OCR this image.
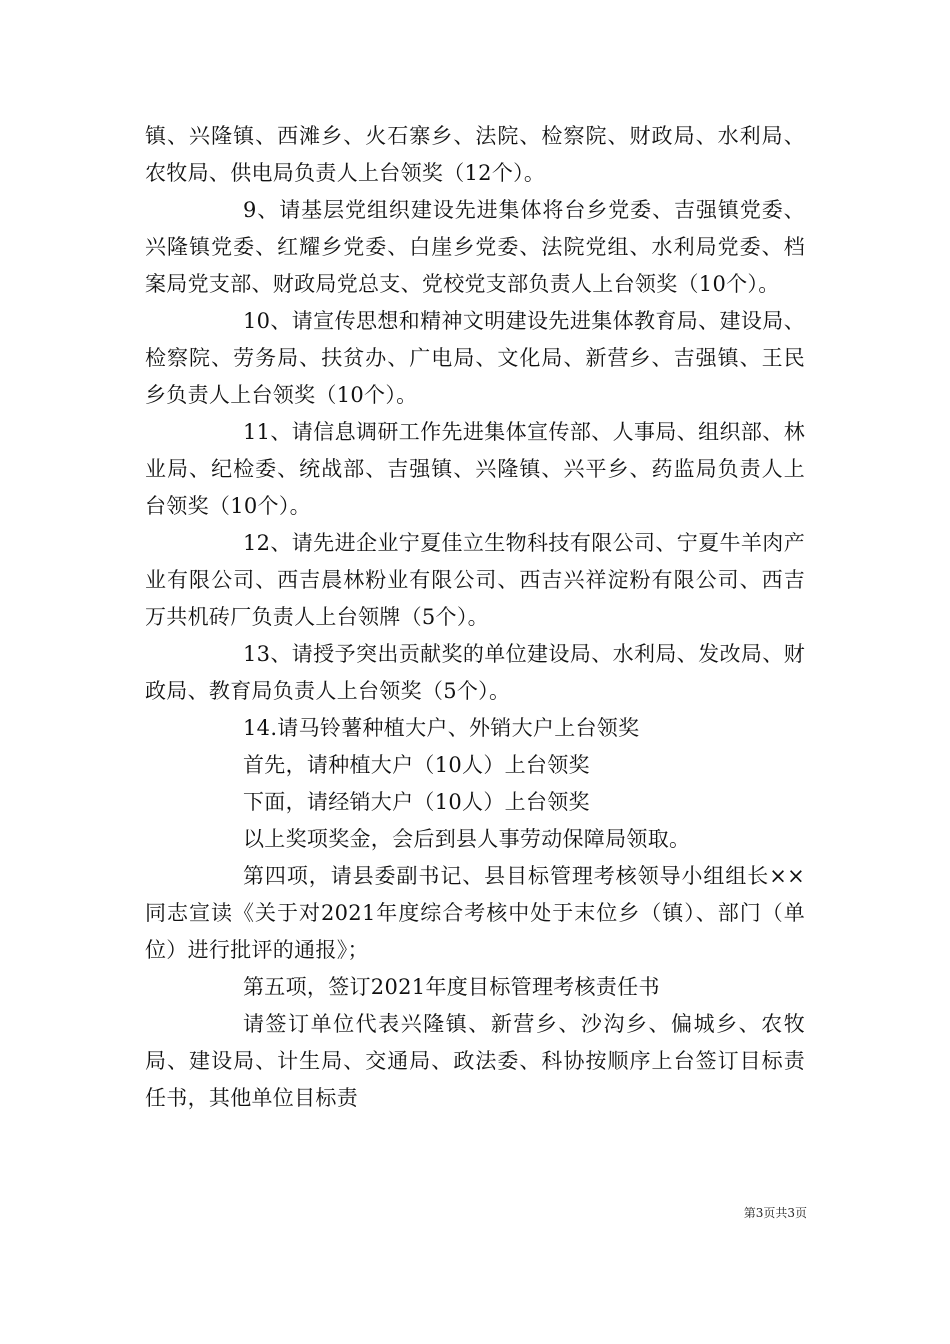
镇、兴隆镇、西滩乡、火石寨乡、法院、检察院、财政局、水利局、农牧局、供电局负责人上台领奖（12个）。

9、请基层党组织建设先进集体将台乡党委、吉强镇党委、兴隆镇党委、红耀乡党委、白崖乡党委、法院党组、水利局党委、档案局党支部、财政局党总支、党校党支部负责人上台领奖（10个）。

10、请宣传思想和精神文明建设先进集体教育局、建设局、检察院、劳务局、扶贫办、广电局、文化局、新营乡、吉强镇、王民乡负责人上台领奖（10个）。

11、请信息调研工作先进集体宣传部、人事局、组织部、林业局、纪检委、统战部、吉强镇、兴隆镇、兴平乡、药监局负责人上台领奖（10个）。

12、请先进企业宁夏佳立生物科技有限公司、宁夏牛羊肉产业有限公司、西吉晨林粉业有限公司、西吉兴祥淀粉有限公司、西吉万共机砖厂负责人上台领牌（5个）。

13、请授予突出贡献奖的单位建设局、水利局、发改局、财政局、教育局负责人上台领奖（5个）。

14.请马铃薯种植大户、外销大户上台领奖

首先，请种植大户（10人）上台领奖

下面，请经销大户（10人）上台领奖

以上奖项奖金，会后到县人事劳动保障局领取。

第四项，请县委副书记、县目标管理考核领导小组组长××同志宣读《关于对2021年度综合考核中处于末位乡（镇）、部门（单位）进行批评的通报》；

第五项，签订2021年度目标管理考核责任书

请签订单位代表兴隆镇、新营乡、沙沟乡、偏城乡、农牧局、建设局、计生局、交通局、政法委、科协按顺序上台签订目标责任书，其他单位目标责

第3页共3页
